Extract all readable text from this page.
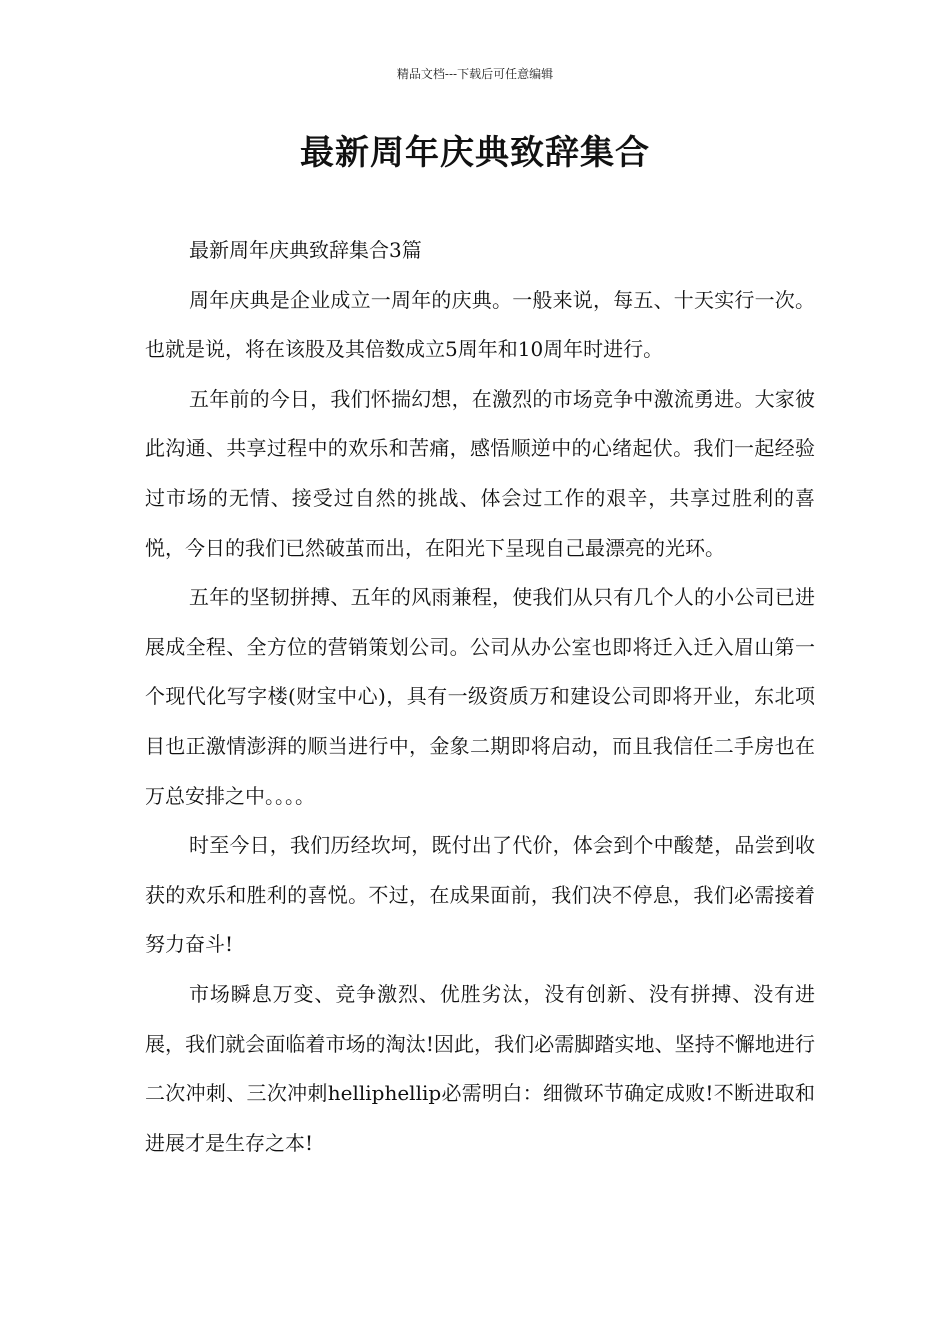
精品文档---下载后可任意编辑
最新周年庆典致辞集合

最新周年庆典致辞集合3篇

周年庆典是企业成立一周年的庆典。一般来说，每五、十天实行一次。也就是说，将在该股及其倍数成立5周年和10周年时进行。

五年前的今日，我们怀揣幻想，在激烈的市场竞争中激流勇进。大家彼此沟通、共享过程中的欢乐和苦痛，感悟顺逆中的心绪起伏。我们一起经验过市场的无情、接受过自然的挑战、体会过工作的艰辛，共享过胜利的喜悦，今日的我们已然破茧而出，在阳光下呈现自己最漂亮的光环。

五年的坚韧拼搏、五年的风雨兼程，使我们从只有几个人的小公司已进展成全程、全方位的营销策划公司。公司从办公室也即将迁入迁入眉山第一个现代化写字楼(财宝中心)，具有一级资质万和建设公司即将开业，东北项目也正激情澎湃的顺当进行中，金象二期即将启动，而且我信任二手房也在万总安排之中。。。。

时至今日，我们历经坎坷，既付出了代价，体会到个中酸楚，品尝到收获的欢乐和胜利的喜悦。不过，在成果面前，我们决不停息，我们必需接着努力奋斗!

市场瞬息万变、竞争激烈、优胜劣汰，没有创新、没有拼搏、没有进展，我们就会面临着市场的淘汰!因此，我们必需脚踏实地、坚持不懈地进行二次冲刺、三次冲刺helliphellip必需明白：细微环节确定成败!不断进取和进展才是生存之本!
